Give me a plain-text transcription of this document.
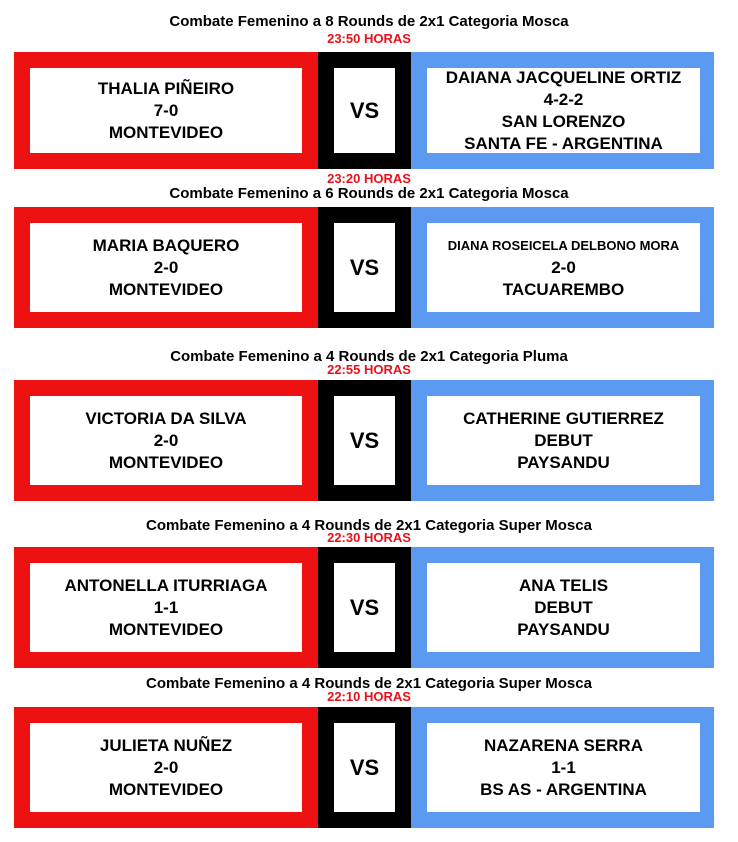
Combate Femenino a 8 Rounds de 2x1 Categoria Mosca
23:50 HORAS
THALIA PIÑEIRO
7-0
MONTEVIDEO
VS
DAIANA JACQUELINE ORTIZ
4-2-2
SAN LORENZO
SANTA FE - ARGENTINA
23:20 HORAS
Combate Femenino a 6 Rounds de 2x1 Categoria Mosca
MARIA BAQUERO
2-0
MONTEVIDEO
VS
DIANA ROSEICELA DELBONO MORA
2-0
TACUAREMBO
Combate Femenino a 4 Rounds de 2x1 Categoria Pluma
22:55 HORAS
VICTORIA DA SILVA
2-0
MONTEVIDEO
VS
CATHERINE GUTIERREZ
DEBUT
PAYSANDU
Combate Femenino a 4 Rounds de 2x1 Categoria Super Mosca
22:30 HORAS
ANTONELLA ITURRIAGA
1-1
MONTEVIDEO
VS
ANA TELIS
DEBUT
PAYSANDU
Combate Femenino a 4 Rounds de 2x1 Categoria Super Mosca
22:10 HORAS
JULIETA NUÑEZ
2-0
MONTEVIDEO
VS
NAZARENA SERRA
1-1
BS AS - ARGENTINA
